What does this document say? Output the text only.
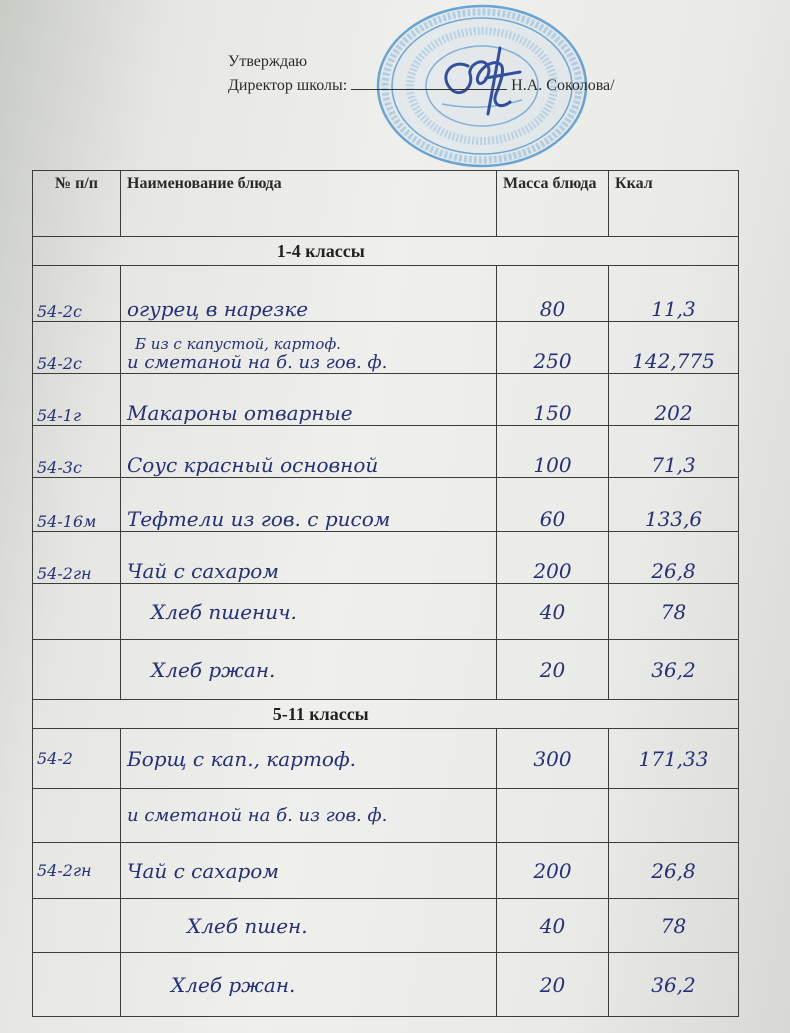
Утверждаю
Директор школы:	Н.А. Соколова/
№ п/п	Наименование блюда	Масса блюда	Ккал
1-4 классы			

54-2с	огурец в нарезке	80	11,3

54-2с	Б из с капустой, картоф.
и сметаной на б. из гов. ф.	250	142,775

54-1г	Макароны отварные	150	202

54-3с	Соус красный основной	100	71,3

54-16м	Тефтели из гов. с рисом	60	133,6

54-2гн	Чай с сахаром	200	26,8

	Хлеб пшенич.	40	78

	Хлеб ржан.	20	36,2

5-11 классы			

54-2	Борщ с кап., картоф.	300	171,33

	и сметаной на б. из гов. ф.		

54-2гн	Чай с сахаром	200	26,8

	Хлеб пшен.	40	78

	Хлеб ржан.	20	36,2
